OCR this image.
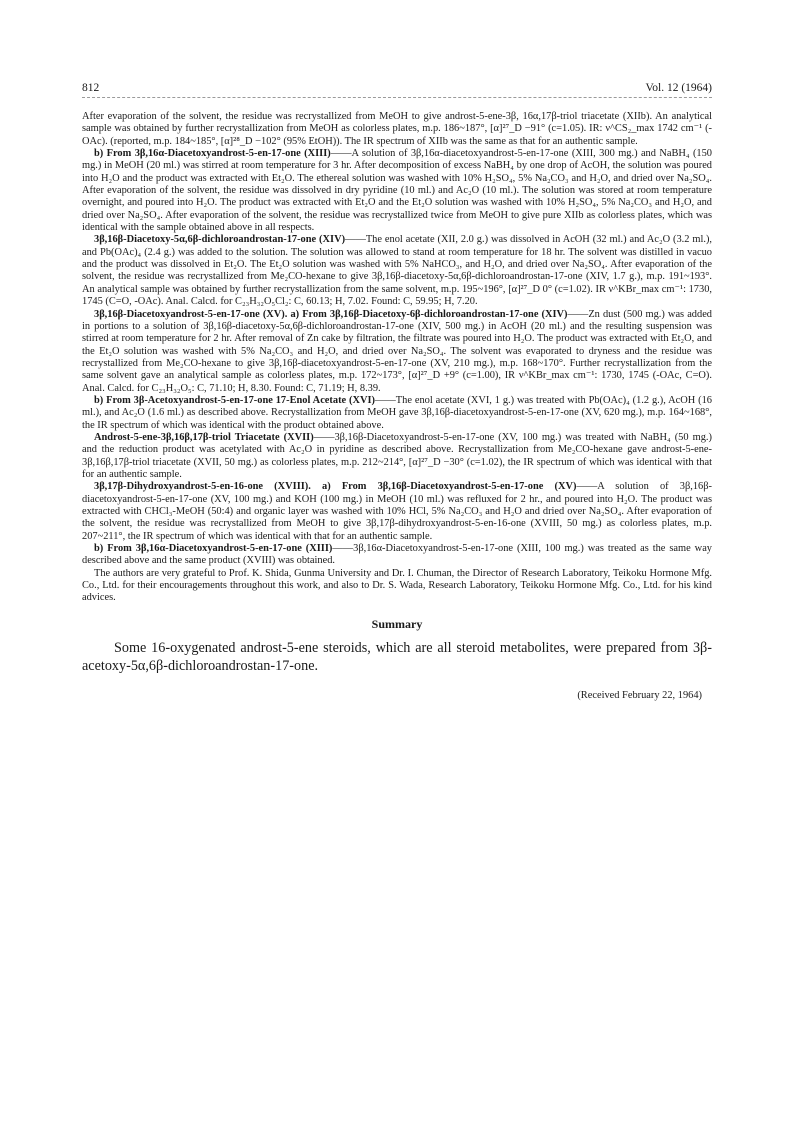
812	Vol. 12 (1964)

After evaporation of the solvent, the residue was recrystallized from MeOH to give androst-5-ene-3β, 16α,17β-triol triacetate (XIIb). An analytical sample was obtained by further recrystallization from MeOH as colorless plates, m.p. 186~187°, [α]²⁷_D −91° (c=1.05). IR: ν^CS₂_max 1742 cm⁻¹ (-OAc). (reported, m.p. 184~185°, [α]²⁸_D −102° (95% EtOH)). The IR spectrum of XIIb was the same as that for an authentic sample.

b) From 3β,16α-Diacetoxyandrost-5-en-17-one (XIII)——A solution of 3β,16α-diacetoxyandrost-5-en-17-one (XIII, 300 mg.) and NaBH₄ (150 mg.) in MeOH (20 ml.) was stirred at room temperature for 3 hr. After decomposition of excess NaBH₄ by one drop of AcOH, the solution was poured into H₂O and the product was extracted with Et₂O. The ethereal solution was washed with 10% H₂SO₄, 5% Na₂CO₃ and H₂O, and dried over Na₂SO₄. After evaporation of the solvent, the residue was dissolved in dry pyridine (10 ml.) and Ac₂O (10 ml.). The solution was stored at room temperature overnight, and poured into H₂O. The product was extracted with Et₂O and the Et₂O solution was washed with 10% H₂SO₄, 5% Na₂CO₃ and H₂O, and dried over Na₂SO₄. After evaporation of the solvent, the residue was recrystallized twice from MeOH to give pure XIIb as colorless plates, which was identical with the sample obtained above in all respects.

3β,16β-Diacetoxy-5α,6β-dichloroandrostan-17-one (XIV)——The enol acetate (XII, 2.0 g.) was dissolved in AcOH (32 ml.) and Ac₂O (3.2 ml.), and Pb(OAc)₄ (2.4 g.) was added to the solution. The solution was allowed to stand at room temperature for 18 hr. The solvent was distilled in vacuo and the product was dissolved in Et₂O. The Et₂O solution was washed with 5% NaHCO₃, and H₂O, and dried over Na₂SO₄. After evaporation of the solvent, the residue was recrystallized from Me₂CO-hexane to give 3β,16β-diacetoxy-5α,6β-dichloroandrostan-17-one (XIV, 1.7 g.), m.p. 191~193°. An analytical sample was obtained by further recrystallization from the same solvent, m.p. 195~196°, [α]²⁷_D 0° (c=1.02). IR ν^KBr_max cm⁻¹: 1730, 1745 (C=O, -OAc). Anal. Calcd. for C₂₃H₃₂O₅Cl₂: C, 60.13; H, 7.02. Found: C, 59.95; H, 7.20.

3β,16β-Diacetoxyandrost-5-en-17-one (XV). a) From 3β,16β-Diacetoxy-6β-dichloroandrostan-17-one (XIV)——Zn dust (500 mg.) was added in portions to a solution of 3β,16β-diacetoxy-5α,6β-dichloroandrostan-17-one (XIV, 500 mg.) in AcOH (20 ml.) and the resulting suspension was stirred at room temperature for 2 hr. After removal of Zn cake by filtration, the filtrate was poured into H₂O. The product was extracted with Et₂O, and the Et₂O solution was washed with 5% Na₂CO₃ and H₂O, and dried over Na₂SO₄. The solvent was evaporated to dryness and the residue was recrystallized from Me₂CO-hexane to give 3β,16β-diacetoxyandrost-5-en-17-one (XV, 210 mg.), m.p. 168~170°. Further recrystallization from the same solvent gave an analytical sample as colorless plates, m.p. 172~173°, [α]²⁷_D +9° (c=1.00), IR ν^KBr_max cm⁻¹: 1730, 1745 (-OAc, C=O). Anal. Calcd. for C₂₃H₃₂O₅: C, 71.10; H, 8.30. Found: C, 71.19; H, 8.39.

b) From 3β-Acetoxyandrost-5-en-17-one 17-Enol Acetate (XVI)——The enol acetate (XVI, 1 g.) was treated with Pb(OAc)₄ (1.2 g.), AcOH (16 ml.), and Ac₂O (1.6 ml.) as described above. Recrystallization from MeOH gave 3β,16β-diacetoxyandrost-5-en-17-one (XV, 620 mg.), m.p. 164~168°, the IR spectrum of which was identical with the product obtained above.

Androst-5-ene-3β,16β,17β-triol Triacetate (XVII)——3β,16β-Diacetoxyandrost-5-en-17-one (XV, 100 mg.) was treated with NaBH₄ (50 mg.) and the reduction product was acetylated with Ac₂O in pyridine as described above. Recrystallization from Me₂CO-hexane gave androst-5-ene-3β,16β,17β-triol triacetate (XVII, 50 mg.) as colorless plates, m.p. 212~214°, [α]²⁷_D −30° (c=1.02), the IR spectrum of which was identical with that for an authentic sample.

3β,17β-Dihydroxyandrost-5-en-16-one (XVIII). a) From 3β,16β-Diacetoxyandrost-5-en-17-one (XV)——A solution of 3β,16β-diacetoxyandrost-5-en-17-one (XV, 100 mg.) and KOH (100 mg.) in MeOH (10 ml.) was refluxed for 2 hr., and poured into H₂O. The product was extracted with CHCl₃-MeOH (50:4) and organic layer was washed with 10% HCl, 5% Na₂CO₃ and H₂O and dried over Na₂SO₄. After evaporation of the solvent, the residue was recrystallized from MeOH to give 3β,17β-dihydroxyandrost-5-en-16-one (XVIII, 50 mg.) as colorless plates, m.p. 207~211°, the IR spectrum of which was identical with that for an authentic sample.

b) From 3β,16α-Diacetoxyandrost-5-en-17-one (XIII)——3β,16α-Diacetoxyandrost-5-en-17-one (XIII, 100 mg.) was treated as the same way described above and the same product (XVIII) was obtained.

The authors are very grateful to Prof. K. Shida, Gunma University and Dr. I. Chuman, the Director of Research Laboratory, Teikoku Hormone Mfg. Co., Ltd. for their encouragements throughout this work, and also to Dr. S. Wada, Research Laboratory, Teikoku Hormone Mfg. Co., Ltd. for his kind advices.

Summary
Some 16-oxygenated androst-5-ene steroids, which are all steroid metabolites, were prepared from 3β-acetoxy-5α,6β-dichloroandrostan-17-one.
(Received February 22, 1964)
